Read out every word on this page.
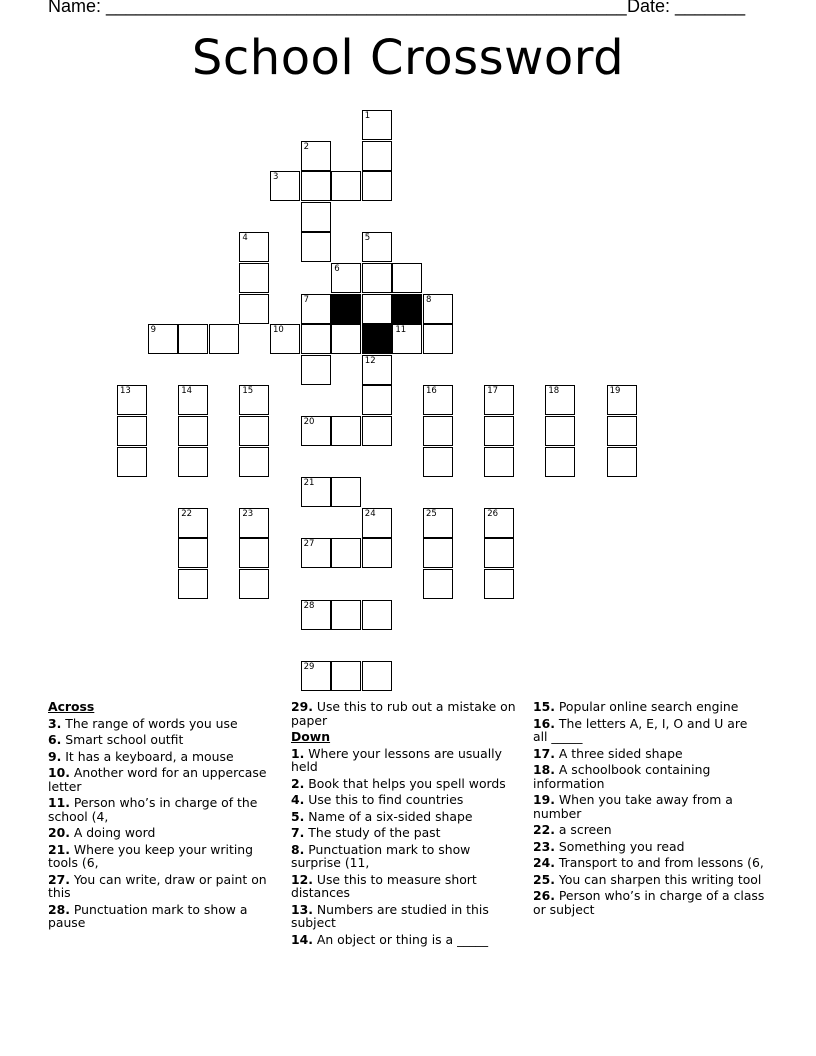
Name: ____________________________________________________ Date: _______
School Crossword
1
2
3
4	5
6
7	8
9	10	11
12
13	14	15	16	17	18	19
20
21
22	23	24	25	26
27
28
29
Across
3. The range of words you use
6. Smart school outfit
9. It has a keyboard, a mouse
10. Another word for an uppercase letter
11. Person who’s in charge of the school (4,
20. A doing word
21. Where you keep your writing tools (6,
27. You can write, draw or paint on this
28. Punctuation mark to show a pause
29. Use this to rub out a mistake on paper
Down
1. Where your lessons are usually held
2. Book that helps you spell words
4. Use this to find countries
5. Name of a six-sided shape
7. The study of the past
8. Punctuation mark to show surprise (11,
12. Use this to measure short distances
13. Numbers are studied in this subject
14. An object or thing is a _____
15. Popular online search engine
16. The letters A, E, I, O and U are all _____
17. A three sided shape
18. A schoolbook containing information
19. When you take away from a number
22. a screen
23. Something you read
24. Transport to and from lessons (6,
25. You can sharpen this writing tool
26. Person who’s in charge of a class or subject
